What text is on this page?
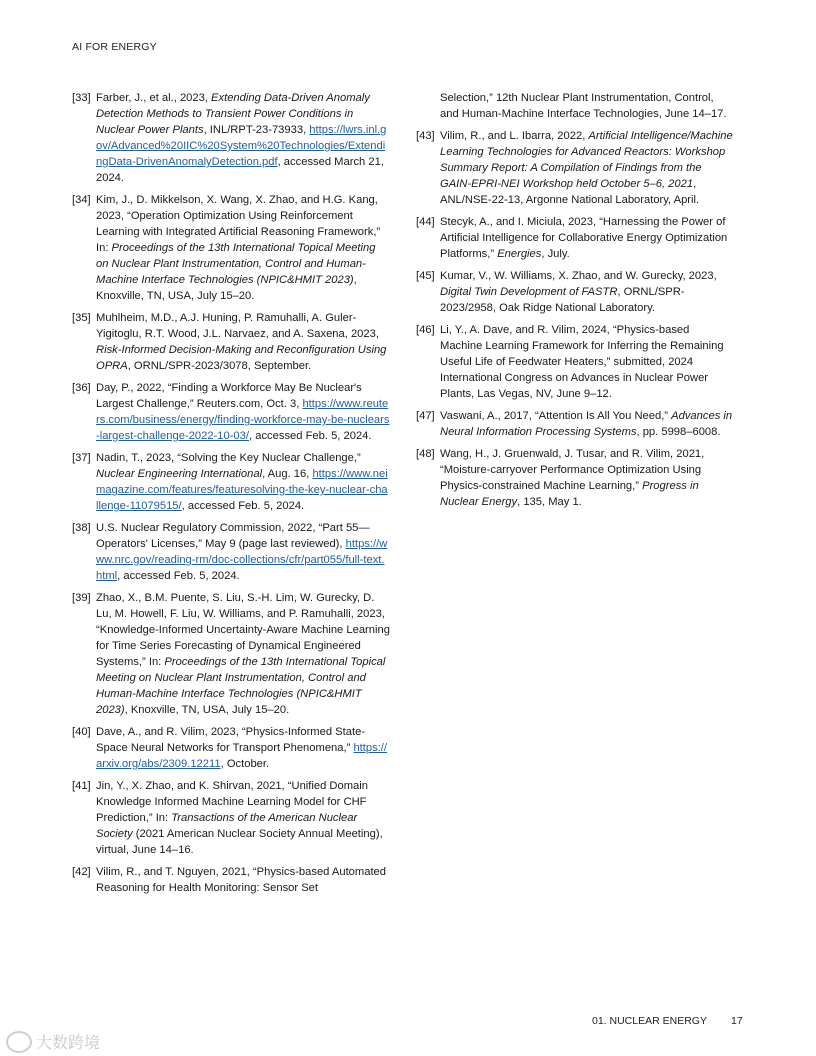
AI FOR ENERGY
[33] Farber, J., et al., 2023, Extending Data-Driven Anomaly Detection Methods to Transient Power Conditions in Nuclear Power Plants, INL/RPT-23-73933, https://lwrs.inl.gov/Advanced%20IIC%20System%20Technologies/ExtendingData-DrivenAnomalyDetection.pdf, accessed March 21, 2024.
[34] Kim, J., D. Mikkelson, X. Wang, X. Zhao, and H.G. Kang, 2023, “Operation Optimization Using Reinforcement Learning with Integrated Artificial Reasoning Framework,” In: Proceedings of the 13th International Topical Meeting on Nuclear Plant Instrumentation, Control and Human-Machine Interface Technologies (NPIC&HMIT 2023), Knoxville, TN, USA, July 15–20.
[35] Muhlheim, M.D., A.J. Huning, P. Ramuhalli, A. Guler-Yigitoglu, R.T. Wood, J.L. Narvaez, and A. Saxena, 2023, Risk-Informed Decision-Making and Reconfiguration Using OPRA, ORNL/SPR-2023/3078, September.
[36] Day, P., 2022, “Finding a Workforce May Be Nuclear's Largest Challenge,” Reuters.com, Oct. 3, https://www.reuters.com/business/energy/finding-workforce-may-be-nuclears-largest-challenge-2022-10-03/, accessed Feb. 5, 2024.
[37] Nadin, T., 2023, “Solving the Key Nuclear Challenge,” Nuclear Engineering International, Aug. 16, https://www.neimagazine.com/features/featuresolving-the-key-nuclear-challenge-11079515/, accessed Feb. 5, 2024.
[38] U.S. Nuclear Regulatory Commission, 2022, “Part 55—Operators' Licenses,” May 9 (page last reviewed), https://www.nrc.gov/reading-rm/doc-collections/cfr/part055/full-text.html, accessed Feb. 5, 2024.
[39] Zhao, X., B.M. Puente, S. Liu, S.-H. Lim, W. Gurecky, D. Lu, M. Howell, F. Liu, W. Williams, and P. Ramuhalli, 2023, “Knowledge-Informed Uncertainty-Aware Machine Learning for Time Series Forecasting of Dynamical Engineered Systems,” In: Proceedings of the 13th International Topical Meeting on Nuclear Plant Instrumentation, Control and Human-Machine Interface Technologies (NPIC&HMIT 2023), Knoxville, TN, USA, July 15–20.
[40] Dave, A., and R. Vilim, 2023, “Physics-Informed State-Space Neural Networks for Transport Phenomena,” https://arxiv.org/abs/2309.12211, October.
[41] Jin, Y., X. Zhao, and K. Shirvan, 2021, “Unified Domain Knowledge Informed Machine Learning Model for CHF Prediction,” In: Transactions of the American Nuclear Society (2021 American Nuclear Society Annual Meeting), virtual, June 14–16.
[42] Vilim, R., and T. Nguyen, 2021, “Physics-based Automated Reasoning for Health Monitoring: Sensor Set
Selection,” 12th Nuclear Plant Instrumentation, Control, and Human-Machine Interface Technologies, June 14–17.
[43] Vilim, R., and L. Ibarra, 2022, Artificial Intelligence/Machine Learning Technologies for Advanced Reactors: Workshop Summary Report: A Compilation of Findings from the GAIN-EPRI-NEI Workshop held October 5–6, 2021, ANL/NSE-22-13, Argonne National Laboratory, April.
[44] Stecyk, A., and I. Miciula, 2023, “Harnessing the Power of Artificial Intelligence for Collaborative Energy Optimization Platforms,” Energies, July.
[45] Kumar, V., W. Williams, X. Zhao, and W. Gurecky, 2023, Digital Twin Development of FASTR, ORNL/SPR-2023/2958, Oak Ridge National Laboratory.
[46] Li, Y., A. Dave, and R. Vilim, 2024, “Physics-based Machine Learning Framework for Inferring the Remaining Useful Life of Feedwater Heaters,” submitted, 2024 International Congress on Advances in Nuclear Power Plants, Las Vegas, NV, June 9–12.
[47] Vaswani, A., 2017, “Attention Is All You Need,” Advances in Neural Information Processing Systems, pp. 5998–6008.
[48] Wang, H., J. Gruenwald, J. Tusar, and R. Vilim, 2021, “Moisture-carryover Performance Optimization Using Physics-constrained Machine Learning,” Progress in Nuclear Energy, 135, May 1.
01. NUCLEAR ENERGY 17
大数跨境
